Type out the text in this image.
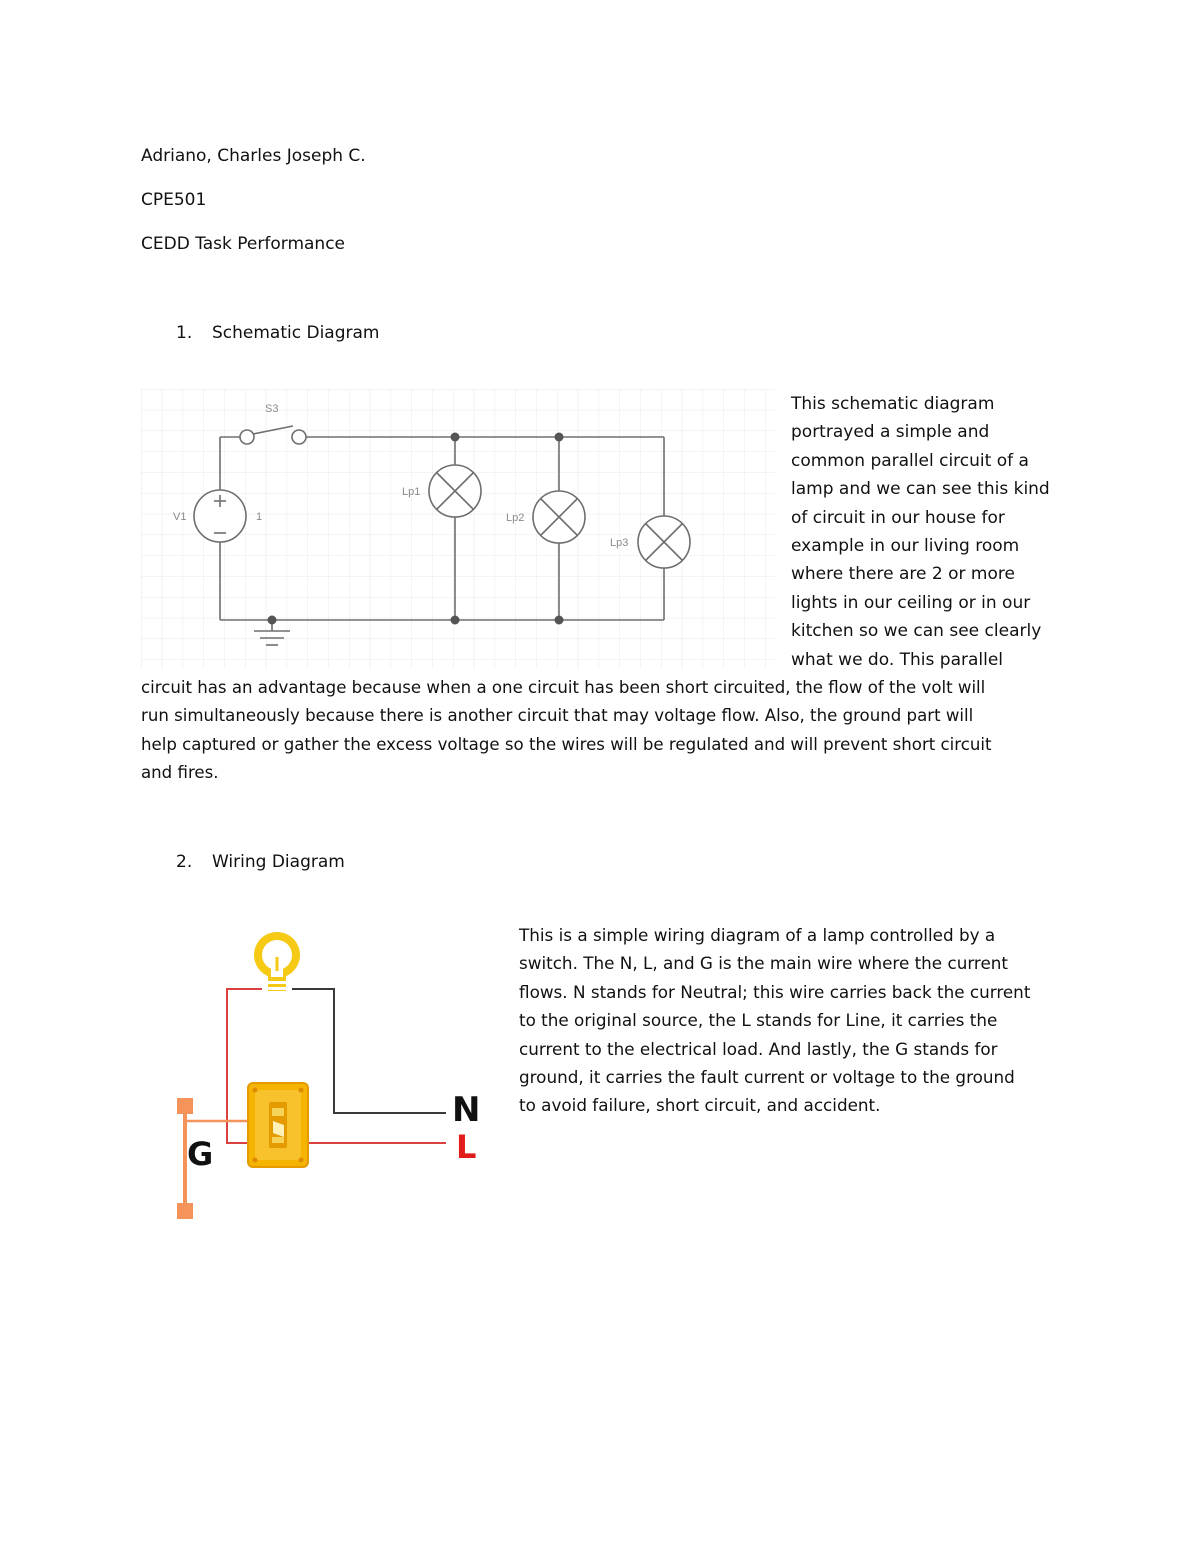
Adriano, Charles Joseph C.
CPE501
CEDD Task Performance
1. Schematic Diagram
S3
V1	1
Lp1
Lp2
Lp3
This schematic diagram
portrayed a simple and
common parallel circuit of a
lamp and we can see this kind
of circuit in our house for
example in our living room
where there are 2 or more
lights in our ceiling or in our
kitchen so we can see clearly
what we do. This parallel
circuit has an advantage because when a one circuit has been short circuited, the flow of the volt will
run simultaneously because there is another circuit that may voltage flow. Also, the ground part will
help captured or gather the excess voltage so the wires will be regulated and will prevent short circuit
and fires.
2. Wiring Diagram
N
L
G
This is a simple wiring diagram of a lamp controlled by a
switch. The N, L, and G is the main wire where the current
flows. N stands for Neutral; this wire carries back the current
to the original source, the L stands for Line, it carries the
current to the electrical load. And lastly, the G stands for
ground, it carries the fault current or voltage to the ground
to avoid failure, short circuit, and accident.
